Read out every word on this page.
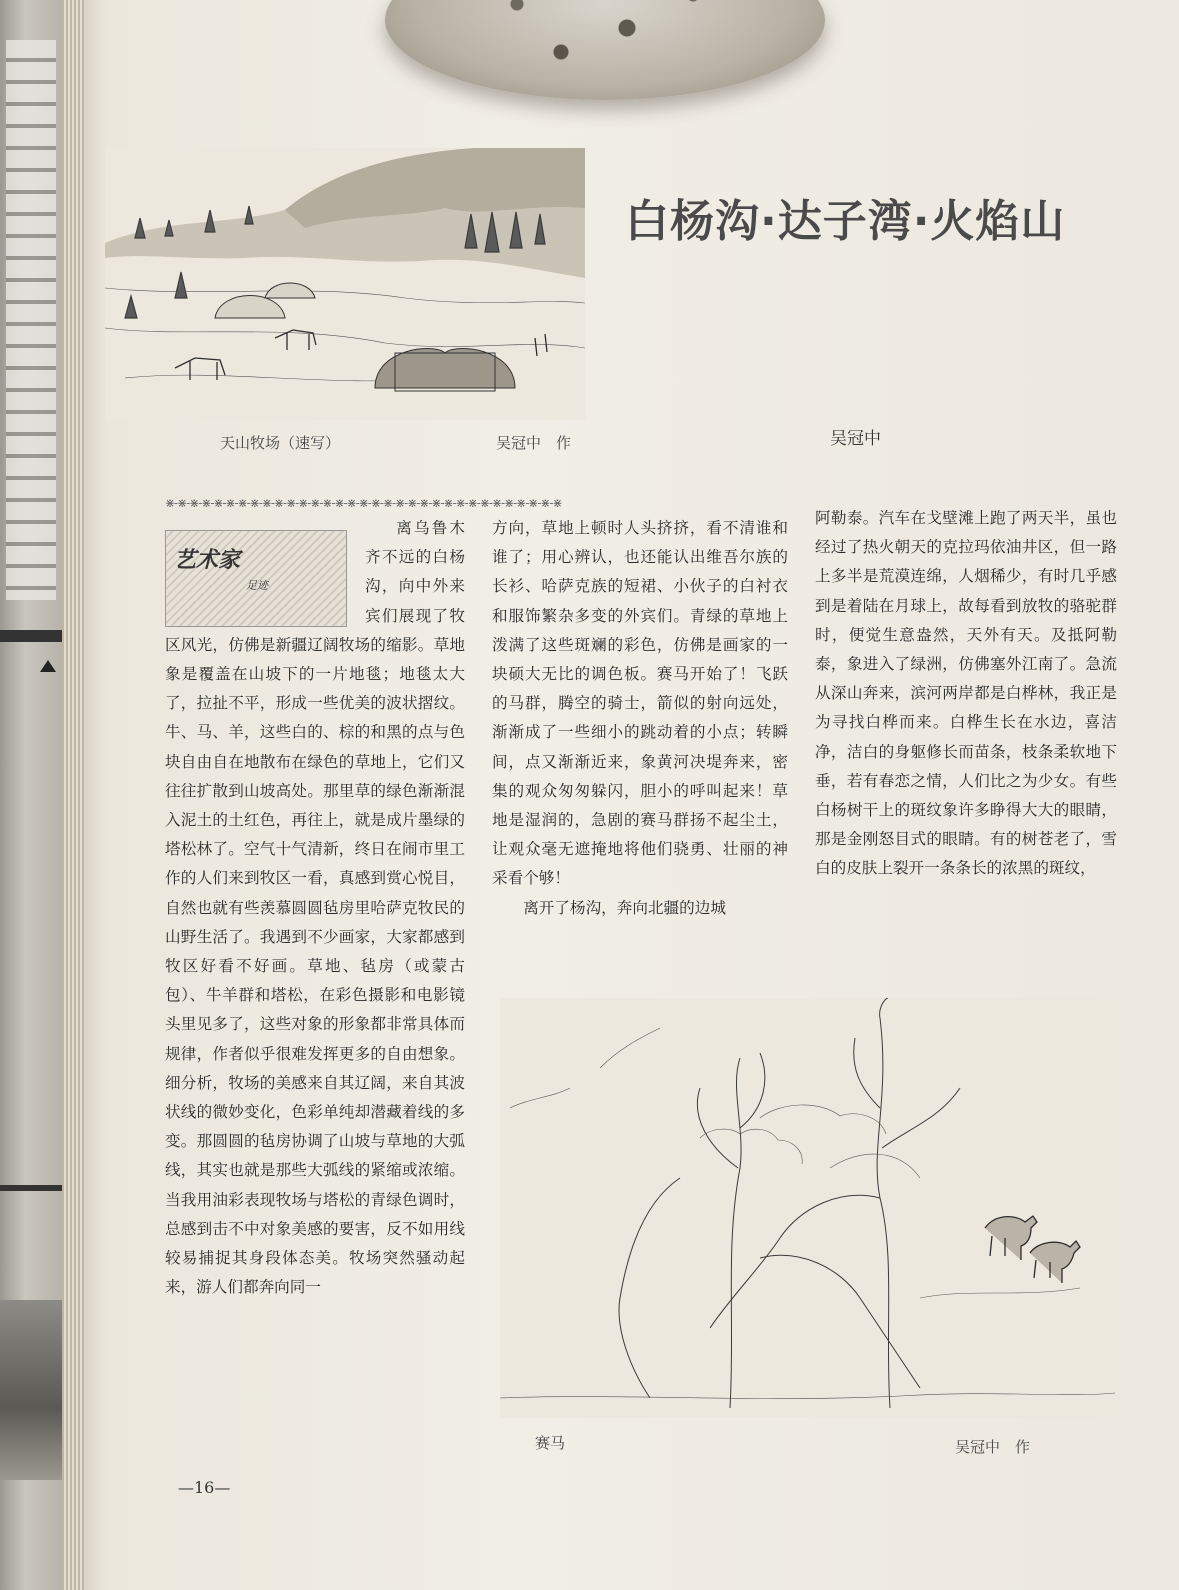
白杨沟·达子湾·火焰山
吴冠中
天山牧场（速写）	吴冠中　作
⋇-⋇-⋇-⋇-⋇-⋇-⋇-⋇-⋇-⋇-⋇-⋇-⋇-⋇-⋇-⋇-⋇-⋇-⋇-⋇-⋇-⋇-⋇-⋇-⋇-⋇-⋇-⋇-⋇-⋇-⋇-⋇-⋇
艺术家
足迹

离乌鲁木齐不远的白杨沟，向中外来宾们展现了牧区风光，仿佛是新疆辽阔牧场的缩影。草地象是覆盖在山坡下的一片地毯；地毯太大了，拉扯不平，形成一些优美的波状摺纹。牛、马、羊，这些白的、棕的和黑的点与色块自由自在地散布在绿色的草地上，它们又往往扩散到山坡高处。那里草的绿色渐渐混入泥土的土红色，再往上，就是成片墨绿的塔松林了。空气十气清新，终日在闹市里工作的人们来到牧区一看，真感到赏心悦目，自然也就有些羡慕圆圆毡房里哈萨克牧民的山野生活了。我遇到不少画家，大家都感到牧区好看不好画。草地、毡房（或蒙古包）、牛羊群和塔松，在彩色摄影和电影镜头里见多了，这些对象的形象都非常具体而规律，作者似乎很难发挥更多的自由想象。细分析，牧场的美感来自其辽阔，来自其波状线的微妙变化，色彩单纯却潜藏着线的多变。那圆圆的毡房协调了山坡与草地的大弧线，其实也就是那些大弧线的紧缩或浓缩。当我用油彩表现牧场与塔松的青绿色调时，总感到击不中对象美感的要害，反不如用线较易捕捉其身段体态美。牧场突然骚动起来，游人们都奔向同一

方向，草地上顿时人头挤挤，看不清谁和谁了；用心辨认，也还能认出维吾尔族的长衫、哈萨克族的短裙、小伙子的白衬衣和服饰繁杂多变的外宾们。青绿的草地上泼满了这些斑斓的彩色，仿佛是画家的一块硕大无比的调色板。赛马开始了！飞跃的马群，腾空的骑士，箭似的射向远处，渐渐成了一些细小的跳动着的小点；转瞬间，点又渐渐近来，象黄河决堤奔来，密集的观众匆匆躲闪，胆小的呼叫起来！草地是湿润的，急剧的赛马群扬不起尘土，让观众毫无遮掩地将他们骁勇、壮丽的神采看个够！

离开了杨沟，奔向北疆的边城

阿勒泰。汽车在戈壁滩上跑了两天半，虽也经过了热火朝天的克拉玛依油井区，但一路上多半是荒漠连绵，人烟稀少，有时几乎感到是着陆在月球上，故每看到放牧的骆驼群时，便觉生意盎然，天外有天。及抵阿勒泰，象进入了绿洲，仿佛塞外江南了。急流从深山奔来，滨河两岸都是白桦林，我正是为寻找白桦而来。白桦生长在水边，喜洁净，洁白的身躯修长而苗条，枝条柔软地下垂，若有春恋之情，人们比之为少女。有些白杨树干上的斑纹象许多睁得大大的眼睛，那是金刚怒目式的眼睛。有的树苍老了，雪白的皮肤上裂开一条条长的浓黑的斑纹，

赛马	吴冠中　作
—16—
